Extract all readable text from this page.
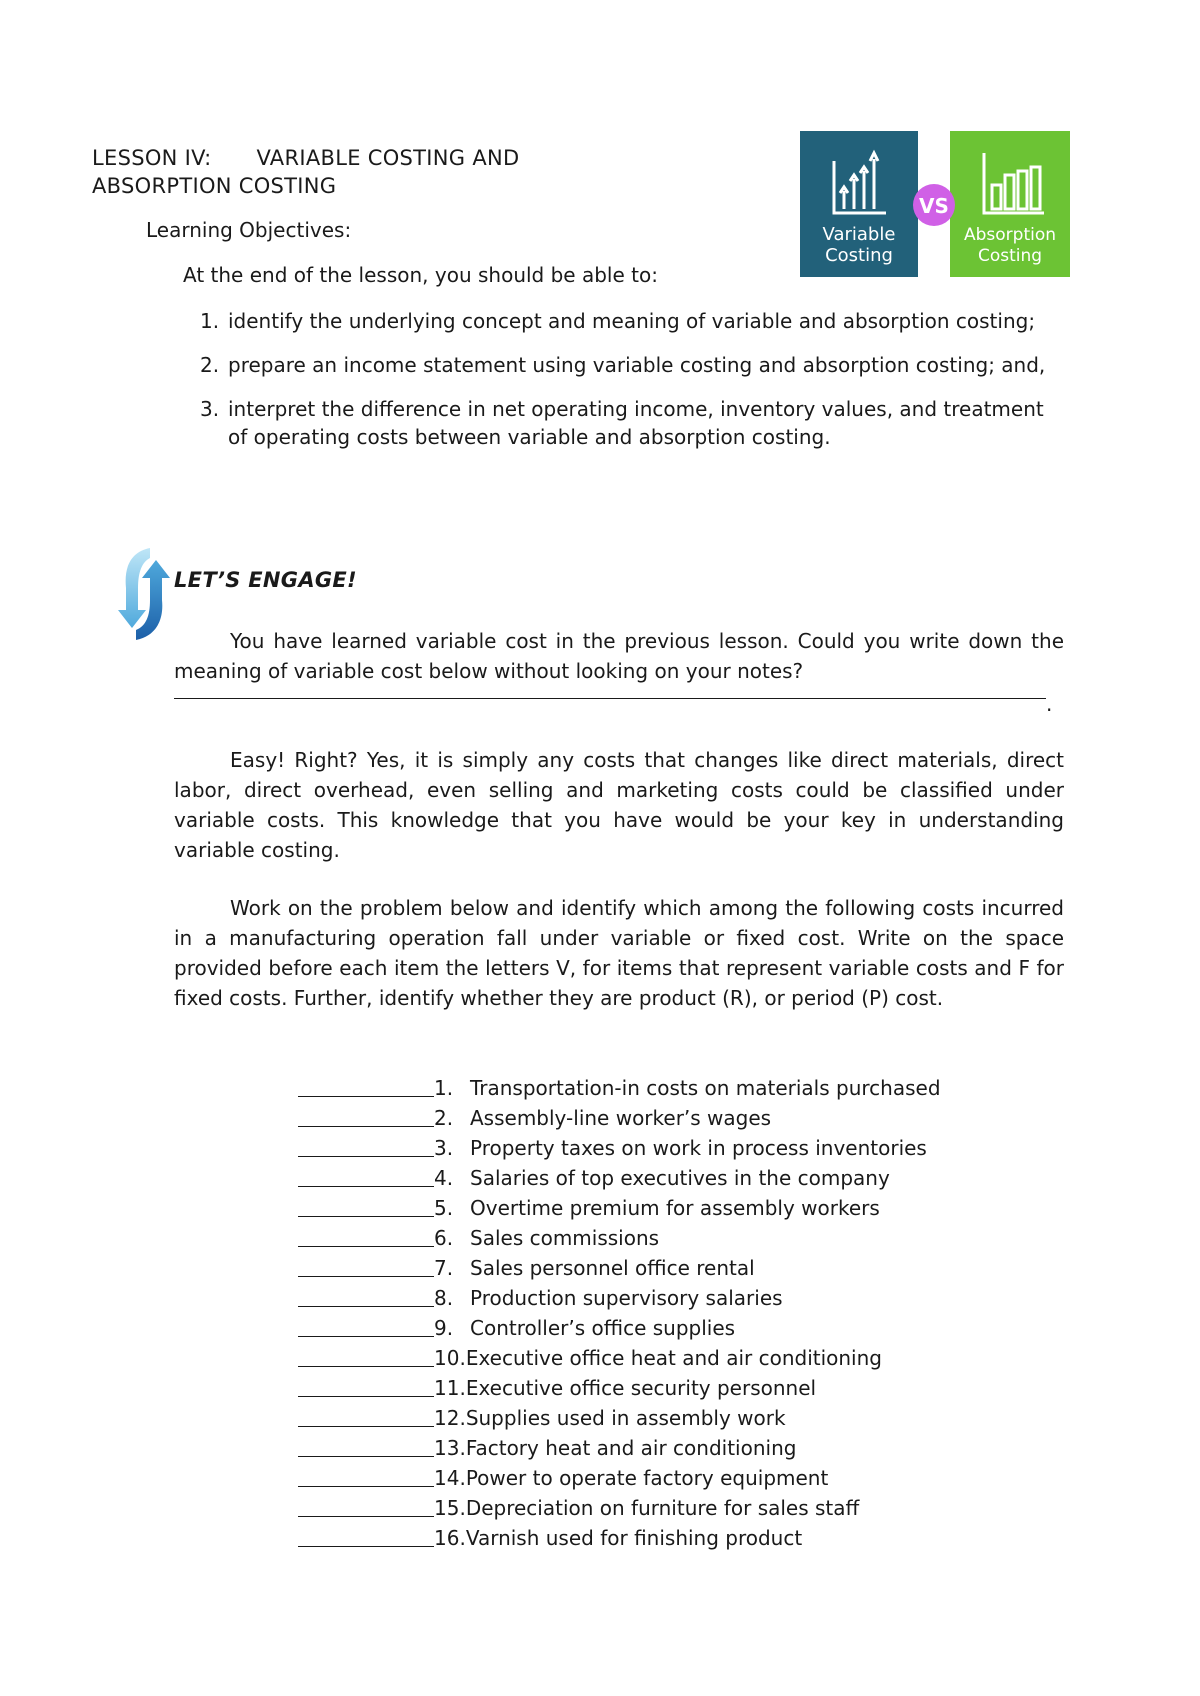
LESSON IV: VARIABLE COSTING AND
ABSORPTION COSTING
VS
Variable
Costing
Absorption
Costing
Learning Objectives:
At the end of the lesson, you should be able to:
1. identify the underlying concept and meaning of variable and absorption costing;
2. prepare an income statement using variable costing and absorption costing; and,
3. interpret the difference in net operating income, inventory values, and treatment of operating costs between variable and absorption costing.
LET’S ENGAGE!
You have learned variable cost in the previous lesson. Could you write down the meaning of variable cost below without looking on your notes?
.
Easy! Right? Yes, it is simply any costs that changes like direct materials, direct labor, direct overhead, even selling and marketing costs could be classified under variable costs. This knowledge that you have would be your key in understanding variable costing.
Work on the problem below and identify which among the following costs incurred in a manufacturing operation fall under variable or fixed cost. Write on the space provided before each item the letters V, for items that represent variable costs and F for fixed costs. Further, identify whether they are product (R), or period (P) cost.
1. Transportation-in costs on materials purchased
2. Assembly-line worker’s wages
3. Property taxes on work in process inventories
4. Salaries of top executives in the company
5. Overtime premium for assembly workers
6. Sales commissions
7. Sales personnel office rental
8. Production supervisory salaries
9. Controller’s office supplies
10. Executive office heat and air conditioning
11. Executive office security personnel
12. Supplies used in assembly work
13. Factory heat and air conditioning
14. Power to operate factory equipment
15. Depreciation on furniture for sales staff
16. Varnish used for finishing product
